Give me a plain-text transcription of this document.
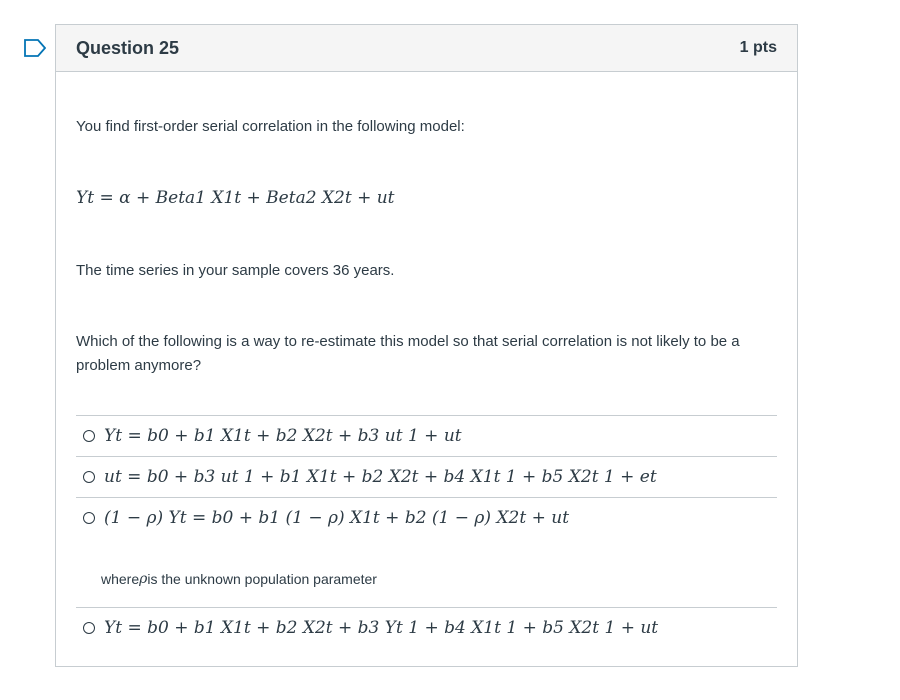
Question 25	1 pts
You find first-order serial correlation in the following model:
Yt = α + Beta1 X1t + Beta2 X2t + ut
The time series in your sample covers 36 years.
Which of the following is a way to re-estimate this model so that serial correlation is not likely to be a problem anymore?
Yt = b0 + b1 X1t + b2 X2t + b3 ut 1 + ut
ut = b0 + b3 ut 1 + b1 X1t + b2 X2t + b4 X1t 1 + b5 X2t 1 + et
(1 − ρ) Yt = b0 + b1 (1 − ρ) X1t + b2 (1 − ρ) X2t + ut
where ρ is the unknown population parameter
Yt = b0 + b1 X1t + b2 X2t + b3 Yt 1 + b4 X1t 1 + b5 X2t 1 + ut
